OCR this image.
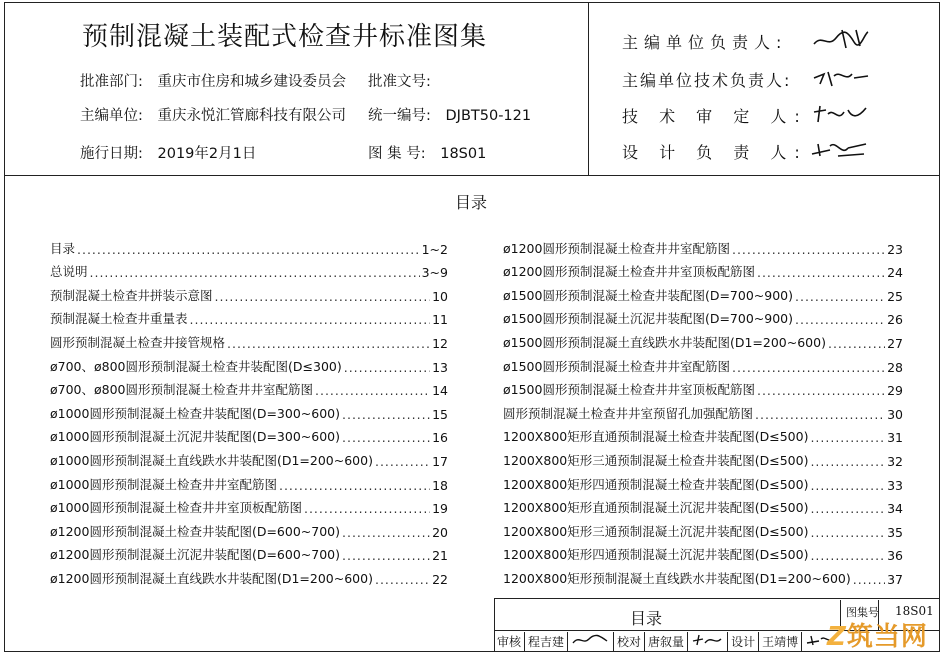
预制混凝土装配式检查井标准图集
批准部门: 重庆市住房和城乡建设委员会 批准文号:
主编单位: 重庆永悦汇管廊科技有限公司 统一编号: DJBT50-121
施行日期: 2019年2月1日	图 集 号: 18S01
主编单位负责人:
主编单位技术负责人:
技 术 审 定 人:
设 计 负 责 人:
目录
目录 .....	1~2
总说明 .....	3~9
预制混凝土检查井拼装示意图 .....	10
预制混凝土检查井重量表 .....	11
圆形预制混凝土检查井接管规格 .....	12
ø700、ø800圆形预制混凝土检查井装配图(D≤300) .....	13
ø700、ø800圆形预制混凝土检查井井室配筋图 .....	14
ø1000圆形预制混凝土检查井装配图(D=300~600) .....	15
ø1000圆形预制混凝土沉泥井装配图(D=300~600) .....	16
ø1000圆形预制混凝土直线跌水井装配图(D1=200~600) .....	17
ø1000圆形预制混凝土检查井井室配筋图 .....	18
ø1000圆形预制混凝土检查井井室顶板配筋图 .....	19
ø1200圆形预制混凝土检查井装配图(D=600~700) .....	20
ø1200圆形预制混凝土沉泥井装配图(D=600~700) .....	21
ø1200圆形预制混凝土直线跌水井装配图(D1=200~600) .....	22
ø1200圆形预制混凝土检查井井室配筋图 .....	23
ø1200圆形预制混凝土检查井井室顶板配筋图 .....	24
ø1500圆形预制混凝土检查井装配图(D=700~900) .....	25
ø1500圆形预制混凝土沉泥井装配图(D=700~900) .....	26
ø1500圆形预制混凝土直线跌水井装配图(D1=200~600) .....	27
ø1500圆形预制混凝土检查井井室配筋图 .....	28
ø1500圆形预制混凝土检查井井室顶板配筋图 .....	29
圆形预制混凝土检查井井室预留孔加强配筋图 .....	30
1200X800矩形直通预制混凝土检查井装配图(D≤500) .....	31
1200X800矩形三通预制混凝土检查井装配图(D≤500) .....	32
1200X800矩形四通预制混凝土检查井装配图(D≤500) .....	33
1200X800矩形直通预制混凝土沉泥井装配图(D≤500) .....	34
1200X800矩形三通预制混凝土沉泥井装配图(D≤500) .....	35
1200X800矩形四通预制混凝土沉泥井装配图(D≤500) .....	36
1200X800矩形预制混凝土直线跌水井装配图(D1=200~600) .....	37
目录	图集号 18S01
审核 程吉建	校对 唐叙量	设计 王靖博 Z筑当网
